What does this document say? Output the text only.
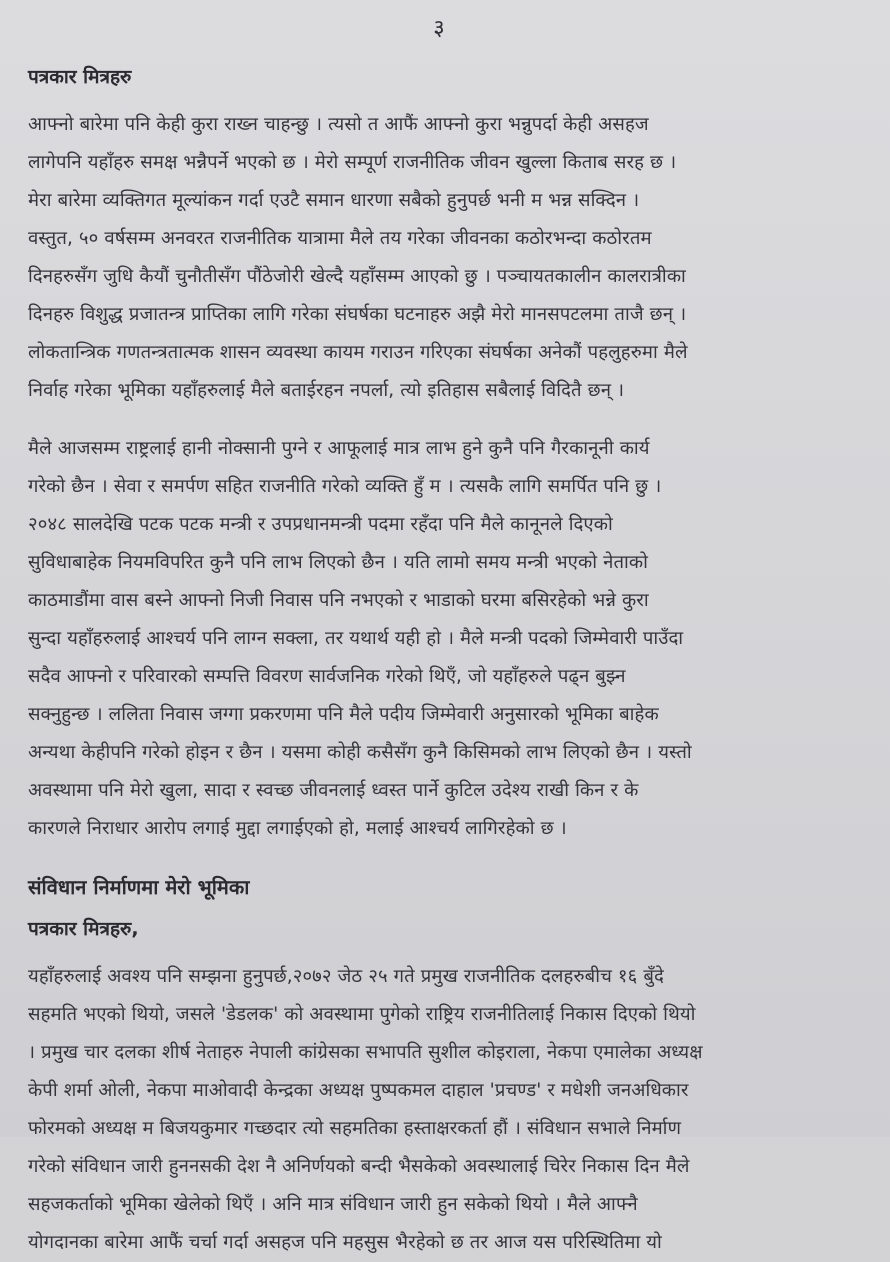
३
पत्रकार मित्रहरु
आफ्नो बारेमा पनि केही कुरा राख्न चाहन्छु । त्यसो त आफैं आफ्नो कुरा भन्नुपर्दा केही असहज
लागेपनि यहाँहरु समक्ष भन्नैपर्ने भएको छ । मेरो सम्पूर्ण राजनीतिक जीवन खुल्ला किताब सरह छ ।
मेरा बारेमा व्यक्तिगत मूल्यांकन गर्दा एउटै समान धारणा सबैको हुनुपर्छ भनी म भन्न सक्दिन ।
वस्तुत, ५० वर्षसम्म अनवरत राजनीतिक यात्रामा मैले तय गरेका जीवनका कठोरभन्दा कठोरतम
दिनहरुसँग जुधि कैयौं चुनौतीसँग पौंठेजोरी खेल्दै यहाँसम्म आएको छु । पञ्चायतकालीन कालरात्रीका
दिनहरु विशुद्ध प्रजातन्त्र प्राप्तिका लागि गरेका संघर्षका घटनाहरु अझै मेरो मानसपटलमा ताजै छन् ।
लोकतान्त्रिक गणतन्त्रतात्मक शासन व्यवस्था कायम गराउन गरिएका संघर्षका अनेकौं पहलुहरुमा मैले
निर्वाह गरेका भूमिका यहाँहरुलाई मैले बताईरहन नपर्ला, त्यो इतिहास सबैलाई विदितै छन् ।
मैले आजसम्म राष्ट्रलाई हानी नोक्सानी पुग्ने र आफूलाई मात्र लाभ हुने कुनै पनि गैरकानूनी कार्य
गरेको छैन । सेवा र समर्पण सहित राजनीति गरेको व्यक्ति हुँ म । त्यसकै लागि समर्पित पनि छु ।
२०४८ सालदेखि पटक पटक मन्त्री र उपप्रधानमन्त्री पदमा रहँदा पनि मैले कानूनले दिएको
सुविधाबाहेक नियमविपरित कुनै पनि लाभ लिएको छैन । यति लामो समय मन्त्री भएको नेताको
काठमाडौंमा वास बस्ने आफ्नो निजी निवास पनि नभएको र भाडाको घरमा बसिरहेको भन्ने कुरा
सुन्दा यहाँहरुलाई आश्चर्य पनि लाग्न सक्ला, तर यथार्थ यही हो । मैले मन्त्री पदको जिम्मेवारी पाउँदा
सदैव आफ्नो र परिवारको सम्पत्ति विवरण सार्वजनिक गरेको थिएँ, जो यहाँहरुले पढ्न बुझ्न
सक्नुहुन्छ । ललिता निवास जग्गा प्रकरणमा पनि मैले पदीय जिम्मेवारी अनुसारको भूमिका बाहेक
अन्यथा केहीपनि गरेको होइन र छैन । यसमा कोही कसैसँग कुनै किसिमको लाभ लिएको छैन । यस्तो
अवस्थामा पनि मेरो खुला, सादा र स्वच्छ जीवनलाई ध्वस्त पार्ने कुटिल उदेश्य राखी किन र के
कारणले निराधार आरोप लगाई मुद्दा लगाईएको हो, मलाई आश्चर्य लागिरहेको छ ।
संविधान निर्माणमा मेरो भूमिका
पत्रकार मित्रहरु,
यहाँहरुलाई अवश्य पनि सम्झना हुनुपर्छ,२०७२ जेठ २५ गते प्रमुख राजनीतिक दलहरुबीच १६ बुँदे
सहमति भएको थियो, जसले 'डेडलक' को अवस्थामा पुगेको राष्ट्रिय राजनीतिलाई निकास दिएको थियो
। प्रमुख चार दलका शीर्ष नेताहरु नेपाली कांग्रेसका सभापति सुशील कोइराला, नेकपा एमालेका अध्यक्ष
केपी शर्मा ओली, नेकपा माओवादी केन्द्रका अध्यक्ष पुष्पकमल दाहाल 'प्रचण्ड' र मधेशी जनअधिकार
फोरमको अध्यक्ष म बिजयकुमार गच्छदार त्यो सहमतिका हस्ताक्षरकर्ता हौं । संविधान सभाले निर्माण
गरेको संविधान जारी हुननसकी देश नै अनिर्णयको बन्दी भैसकेको अवस्थालाई चिरेर निकास दिन मैले
सहजकर्ताको भूमिका खेलेको थिएँ । अनि मात्र संविधान जारी हुन सकेको थियो । मैले आफ्नै
योगदानका बारेमा आफैं चर्चा गर्दा असहज पनि महसुस भैरहेको छ तर आज यस परिस्थितिमा यो
